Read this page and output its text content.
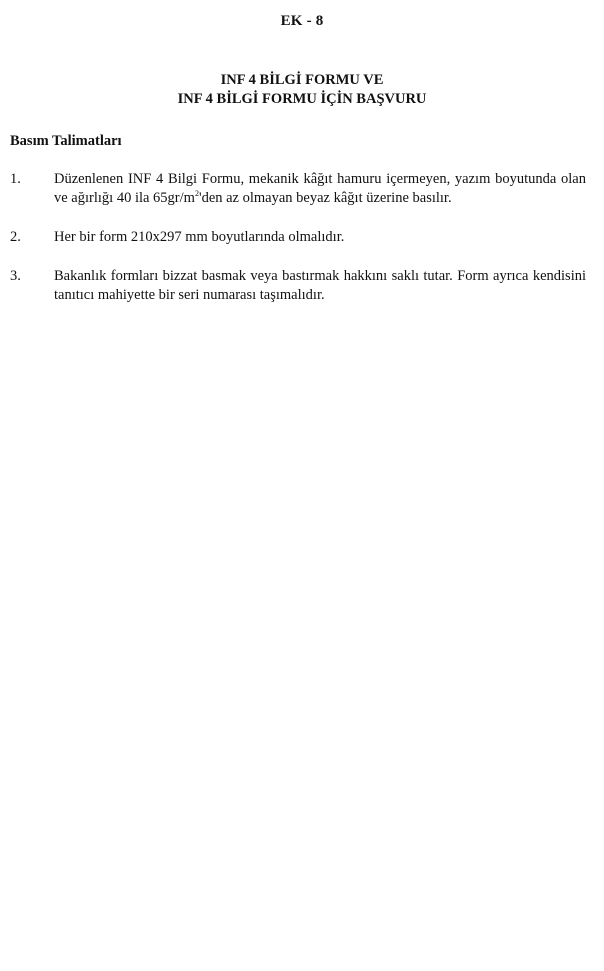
EK - 8
INF 4 BİLGİ FORMU VE
INF 4 BİLGİ FORMU İÇİN BAŞVURU
Basım Talimatları
1.	Düzenlenen INF 4 Bilgi Formu, mekanik kâğıt hamuru içermeyen, yazım boyutunda olan ve ağırlığı 40 ila $65gr/m^2'den$ az olmayan beyaz kâğıt üzerine basılır.
2.	Her bir form 210x297 mm boyutlarında olmalıdır.
3.	Bakanlık formları bizzat basmak veya bastırmak hakkını saklı tutar. Form ayrıca kendisini tanıtıcı mahiyette bir seri numarası taşımalıdır.
